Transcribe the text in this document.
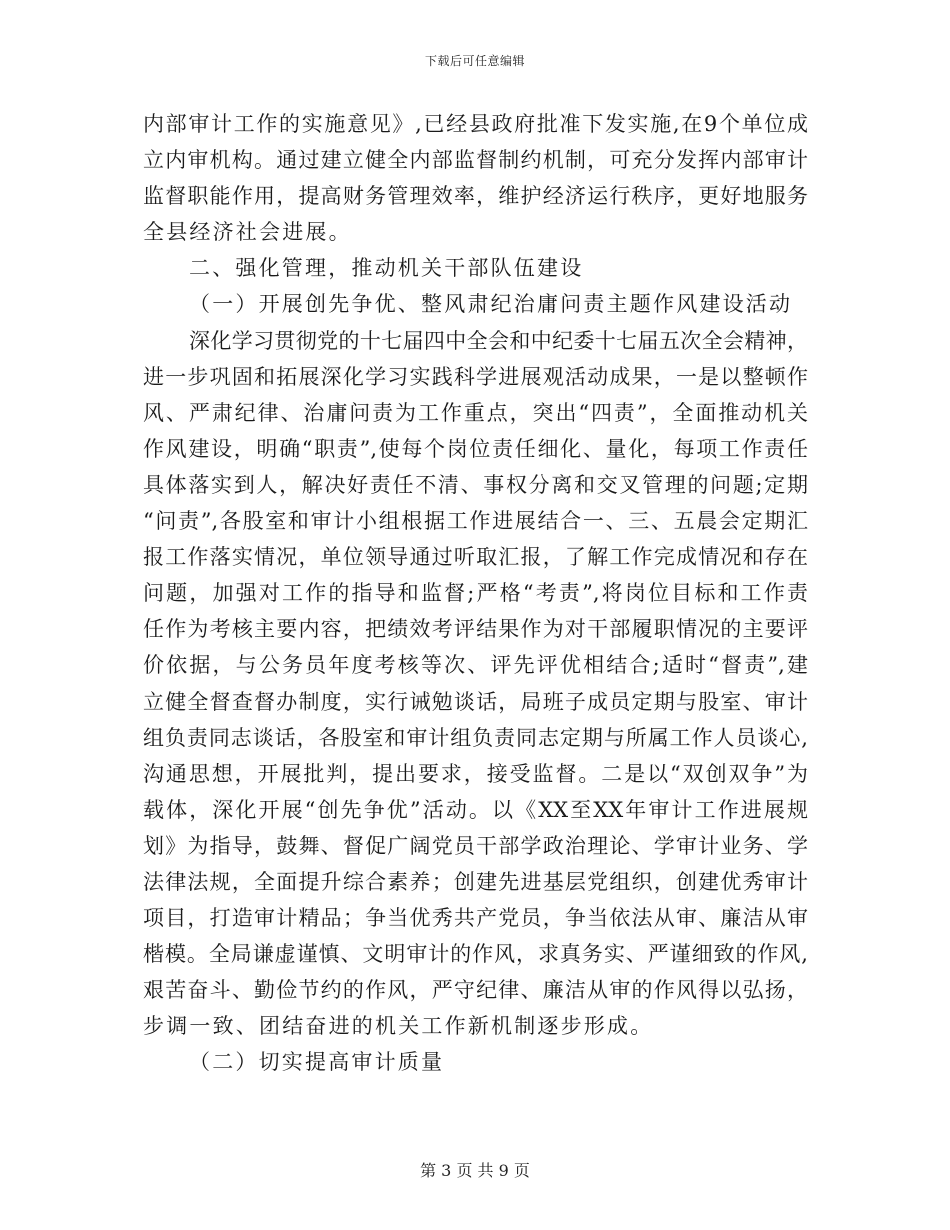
下载后可任意编辑
内部审计工作的实施意见》,已经县政府批准下发实施,在9个单位成
立内审机构。通过建立健全内部监督制约机制，可充分发挥内部审计
监督职能作用，提高财务管理效率，维护经济运行秩序，更好地服务
全县经济社会进展。
二、强化管理，推动机关干部队伍建设
（一）开展创先争优、整风肃纪治庸问责主题作风建设活动
深化学习贯彻党的十七届四中全会和中纪委十七届五次全会精神，
进一步巩固和拓展深化学习实践科学进展观活动成果，一是以整顿作
风、严肃纪律、治庸问责为工作重点，突出“四责”，全面推动机关
作风建设，明确“职责”,使每个岗位责任细化、量化，每项工作责任
具体落实到人，解决好责任不清、事权分离和交叉管理的问题;定期
“问责”,各股室和审计小组根据工作进展结合一、三、五晨会定期汇
报工作落实情况，单位领导通过听取汇报，了解工作完成情况和存在
问题，加强对工作的指导和监督;严格“考责”,将岗位目标和工作责
任作为考核主要内容，把绩效考评结果作为对干部履职情况的主要评
价依据，与公务员年度考核等次、评先评优相结合;适时“督责”,建
立健全督查督办制度，实行诫勉谈话，局班子成员定期与股室、审计
组负责同志谈话，各股室和审计组负责同志定期与所属工作人员谈心,
沟通思想，开展批判，提出要求，接受监督。二是以“双创双争”为
载体，深化开展“创先争优”活动。以《XX至XX年审计工作进展规
划》为指导，鼓舞、督促广阔党员干部学政治理论、学审计业务、学
法律法规，全面提升综合素养；创建先进基层党组织，创建优秀审计
项目，打造审计精品；争当优秀共产党员，争当依法从审、廉洁从审
楷模。全局谦虚谨慎、文明审计的作风，求真务实、严谨细致的作风,
艰苦奋斗、勤俭节约的作风，严守纪律、廉洁从审的作风得以弘扬，
步调一致、团结奋进的机关工作新机制逐步形成。
（二）切实提高审计质量
第 3 页 共 9 页
